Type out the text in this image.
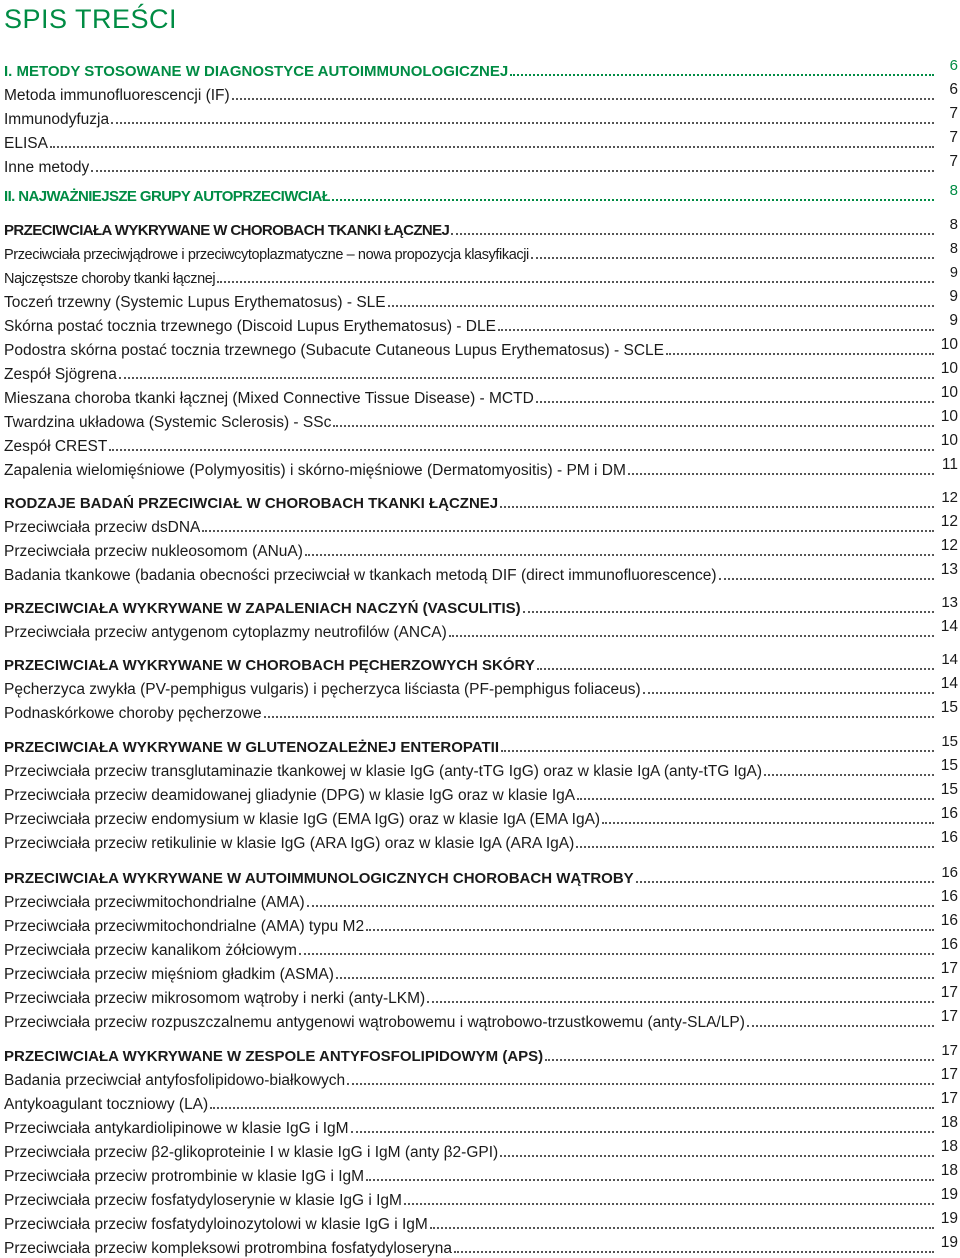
SPIS TREŚCI
I. METODY STOSOWANE W DIAGNOSTYCE AUTOIMMUNOLOGICZNEJ	6
Metoda immunofluorescencji (IF)	6
Immunodyfuzja	7
ELISA	7
Inne metody	7
II. NAJWAŻNIEJSZE GRUPY AUTOPRZECIWCIAŁ	8
PRZECIWCIAŁA WYKRYWANE W CHOROBACH TKANKI ŁĄCZNEJ	8
Przeciwciała przeciwjądrowe i przeciwcytoplazmatyczne – nowa propozycja klasyfikacji	8
Najczęstsze choroby tkanki łącznej	9
Toczeń trzewny (Systemic Lupus Erythematosus) - SLE	9
Skórna postać tocznia trzewnego (Discoid Lupus Erythematosus) - DLE	9
Podostra skórna postać tocznia trzewnego (Subacute Cutaneous Lupus Erythematosus) - SCLE	10
Zespół Sjögrena	10
Mieszana choroba tkanki łącznej (Mixed Connective Tissue Disease) - MCTD	10
Twardzina układowa (Systemic Sclerosis) - SSc	10
Zespół CREST	10
Zapalenia wielomięśniowe (Polymyositis) i skórno-mięśniowe (Dermatomyositis) - PM i DM	11
RODZAJE BADAŃ PRZECIWCIAŁ W CHOROBACH TKANKI ŁĄCZNEJ	12
Przeciwciała przeciw dsDNA	12
Przeciwciała przeciw nukleosomom (ANuA)	12
Badania tkankowe (badania obecności przeciwciał w tkankach metodą DIF (direct immunofluorescence)	13
PRZECIWCIAŁA WYKRYWANE W ZAPALENIACH NACZYŃ (VASCULITIS)	13
Przeciwciała przeciw antygenom cytoplazmy neutrofilów (ANCA)	14
PRZECIWCIAŁA WYKRYWANE W CHOROBACH PĘCHERZOWYCH SKÓRY	14
Pęcherzyca zwykła (PV-pemphigus vulgaris) i pęcherzyca liściasta (PF-pemphigus foliaceus)	14
Podnaskórkowe choroby pęcherzowe	15
PRZECIWCIAŁA WYKRYWANE W GLUTENOZALEŻNEJ ENTEROPATII	15
Przeciwciała przeciw transglutaminazie tkankowej w klasie IgG (anty-tTG IgG) oraz w klasie IgA (anty-tTG IgA)	15
Przeciwciała przeciw deamidowanej gliadynie (DPG) w klasie IgG oraz w klasie IgA	15
Przeciwciała przeciw endomysium w klasie IgG (EMA IgG) oraz w klasie IgA (EMA IgA)	16
Przeciwciała przeciw retikulinie w klasie IgG (ARA IgG) oraz w klasie IgA (ARA IgA)	16
PRZECIWCIAŁA WYKRYWANE W AUTOIMMUNOLOGICZNYCH CHOROBACH WĄTROBY	16
Przeciwciała przeciwmitochondrialne (AMA)	16
Przeciwciała przeciwmitochondrialne (AMA) typu M2	16
Przeciwciała przeciw kanalikom żółciowym	16
Przeciwciała przeciw mięśniom gładkim (ASMA)	17
Przeciwciała przeciw mikrosomom wątroby i nerki (anty-LKM)	17
Przeciwciała przeciw rozpuszczalnemu antygenowi wątrobowemu i wątrobowo-trzustkowemu (anty-SLA/LP)	17
PRZECIWCIAŁA WYKRYWANE W ZESPOLE ANTYFOSFOLIPIDOWYM (APS)	17
Badania przeciwciał antyfosfolipidowo-białkowych	17
Antykoagulant toczniowy (LA)	17
Przeciwciała antykardiolipinowe w klasie IgG i IgM	18
Przeciwciała przeciw β2-glikoproteinie I w klasie IgG i IgM (anty β2-GPI)	18
Przeciwciała przeciw protrombinie w klasie IgG i IgM	18
Przeciwciała przeciw fosfatydyloserynie w klasie IgG i IgM	19
Przeciwciała przeciw fosfatydyloinozytolowi w klasie IgG i IgM	19
Przeciwciała przeciw kompleksowi protrombina fosfatydyloseryna	19
